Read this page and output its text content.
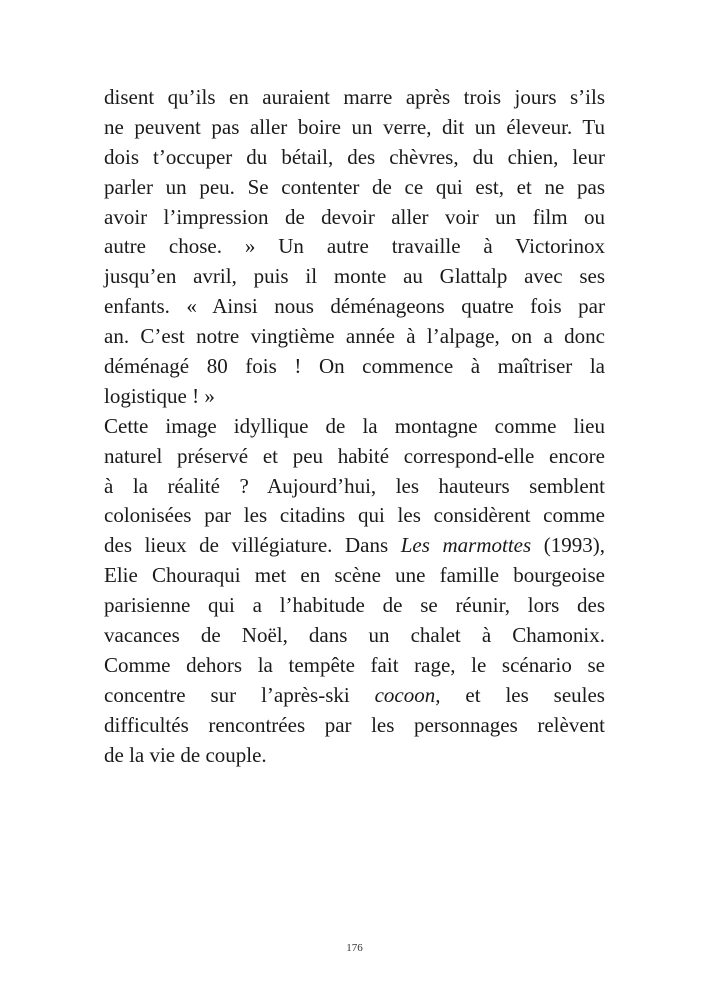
disent qu’ils en auraient marre après trois jours s’ils
ne peuvent pas aller boire un verre, dit un éleveur. Tu
dois t’occuper du bétail, des chèvres, du chien, leur
parler un peu. Se contenter de ce qui est, et ne pas
avoir l’impression de devoir aller voir un film ou
autre chose. » Un autre travaille à Victorinox
jusqu’en avril, puis il monte au Glattalp avec ses
enfants. « Ainsi nous déménageons quatre fois par
an. C’est notre vingtième année à l’alpage, on a donc
déménagé 80 fois ! On commence à maîtriser la
logistique ! »
Cette image idyllique de la montagne comme lieu
naturel préservé et peu habité correspond-elle encore
à la réalité ? Aujourd’hui, les hauteurs semblent
colonisées par les citadins qui les considèrent comme
des lieux de villégiature. Dans Les marmottes (1993),
Elie Chouraqui met en scène une famille bourgeoise
parisienne qui a l’habitude de se réunir, lors des
vacances de Noël, dans un chalet à Chamonix.
Comme dehors la tempête fait rage, le scénario se
concentre sur l’après-ski cocoon, et les seules
difficultés rencontrées par les personnages relèvent
de la vie de couple.
176
